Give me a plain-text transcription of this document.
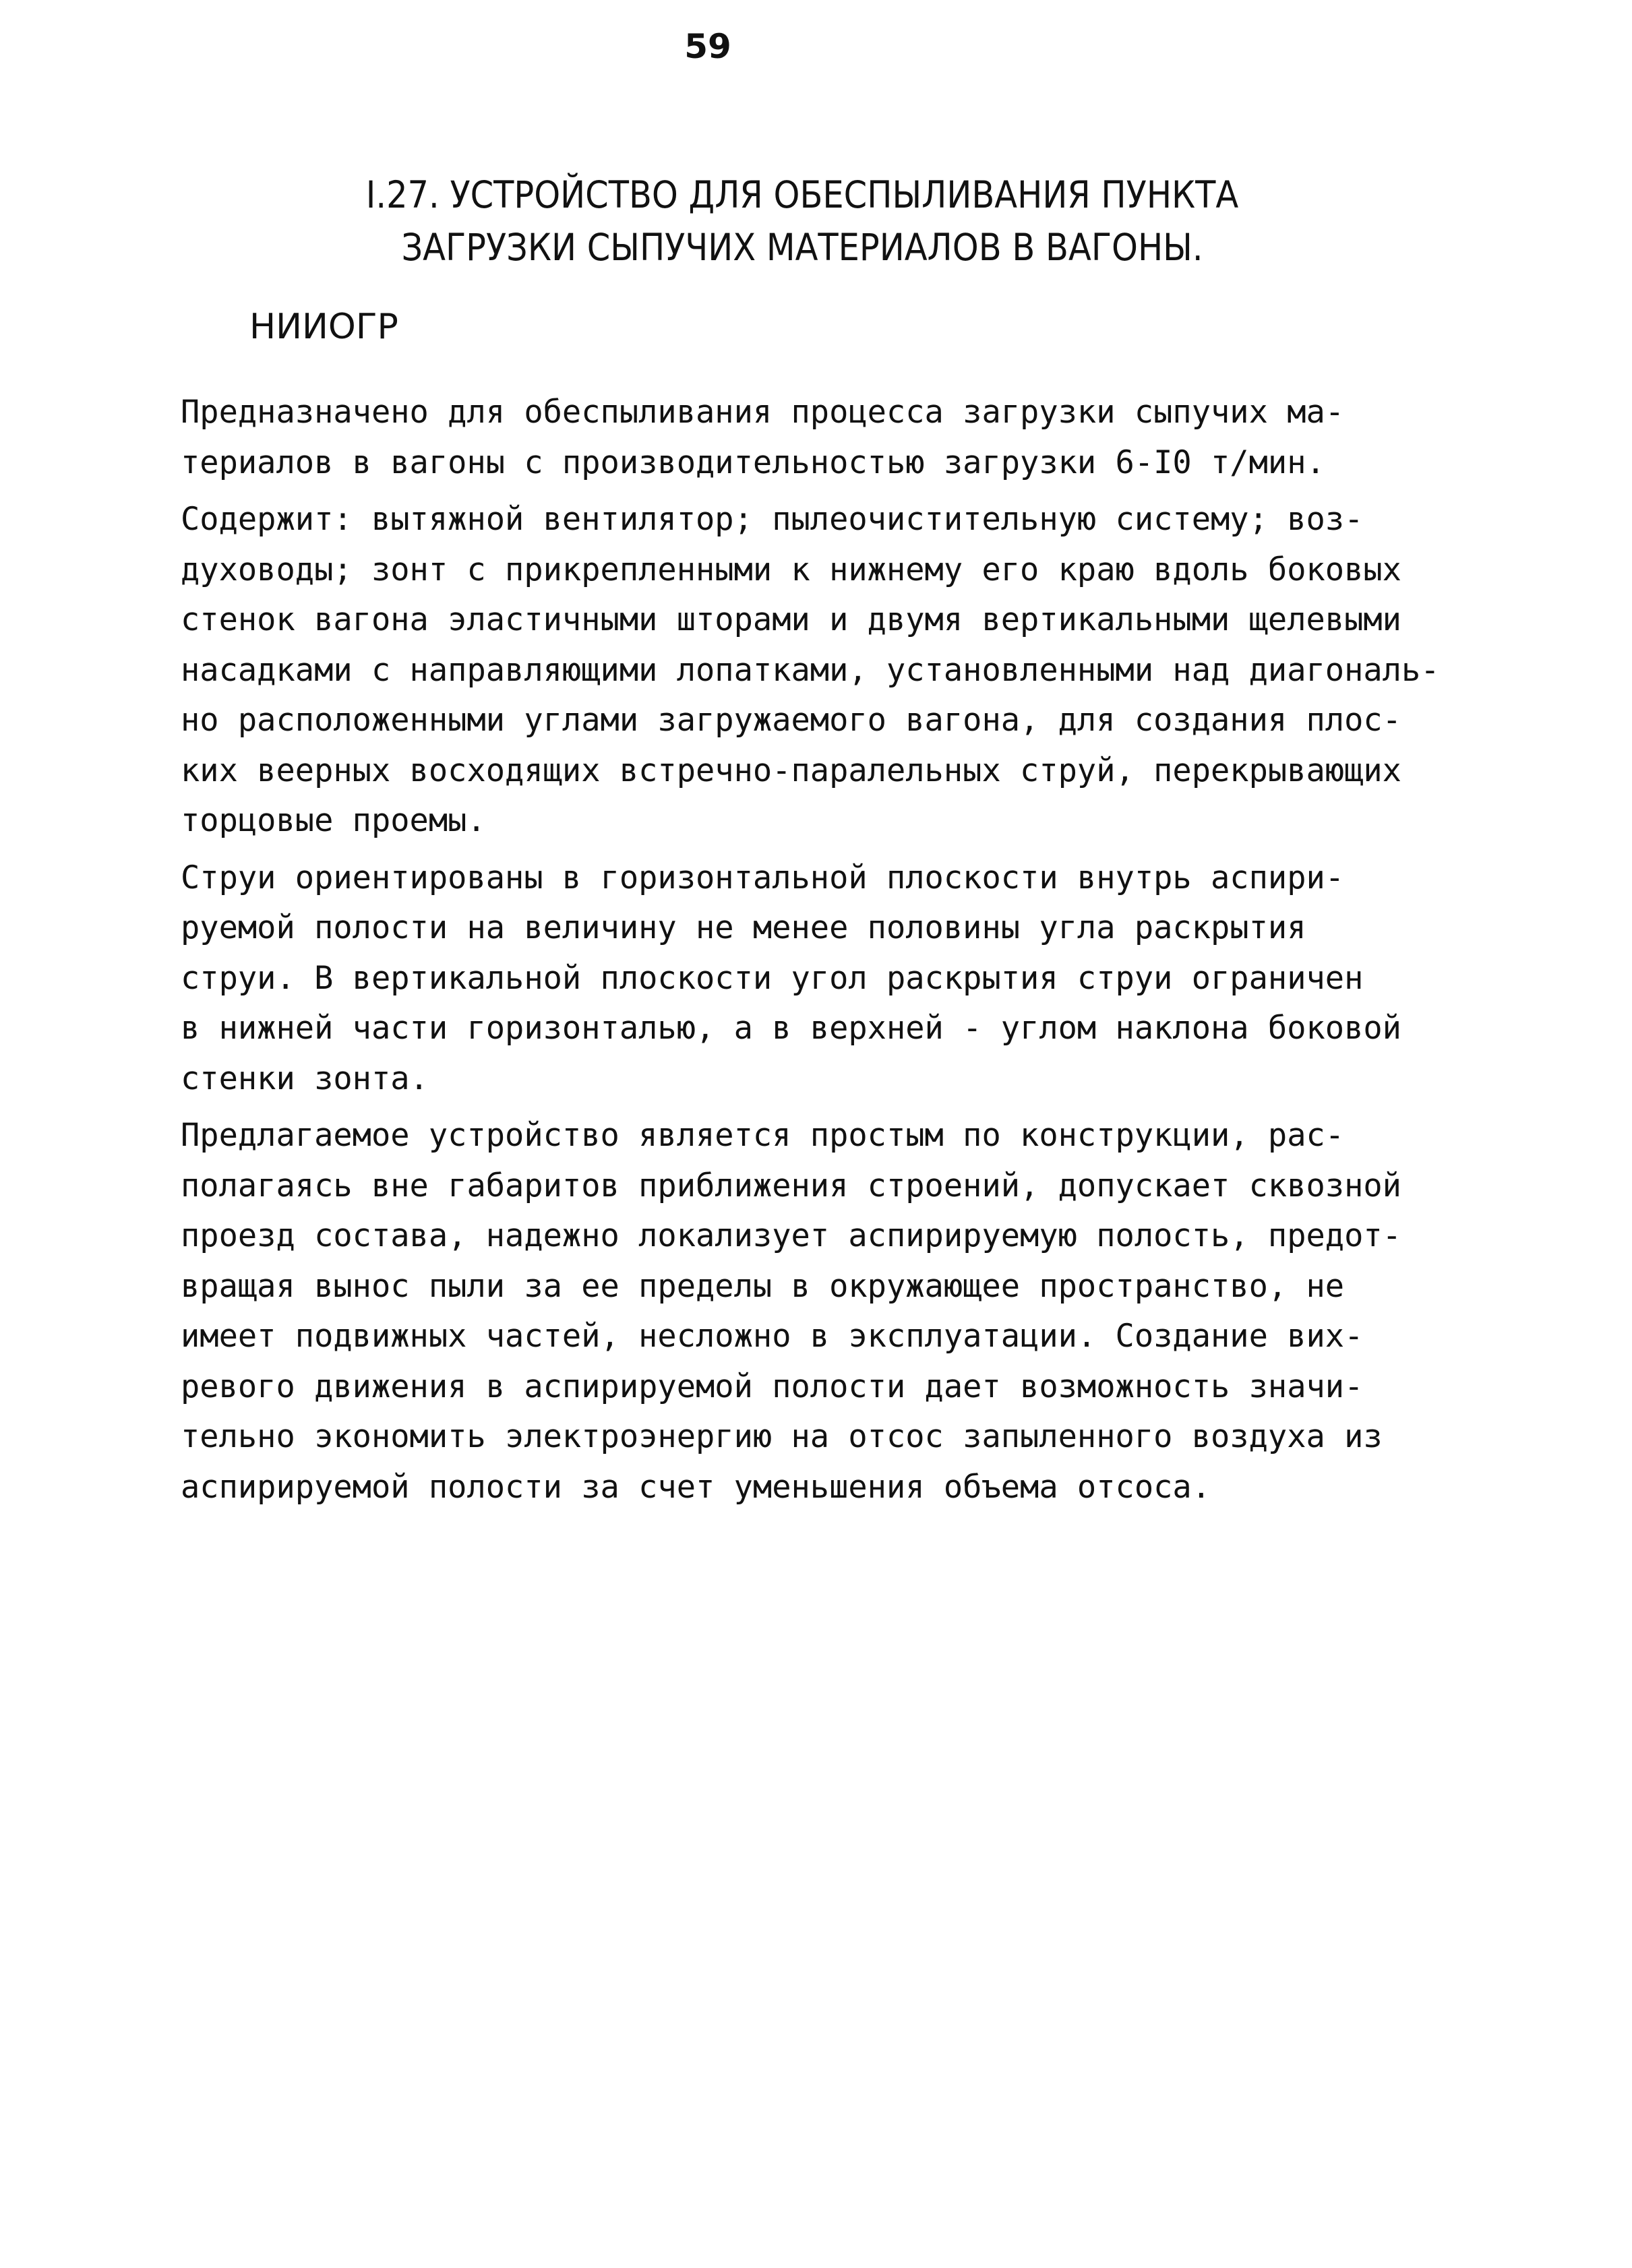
59
I.27. УСТРОЙСТВО ДЛЯ ОБЕСПЫЛИВАНИЯ ПУНКТА
ЗАГРУЗКИ СЫПУЧИХ МАТЕРИАЛОВ В ВАГОНЫ.
НИИОГР
Предназначено для обеспыливания процесса загрузки сыпучих ма-
териалов в вагоны с производительностью загрузки 6-I0 т/мин.
Содержит: вытяжной вентилятор; пылеочистительную систему; воз-
духоводы; зонт с прикрепленными к нижнему его краю вдоль боковых
стенок вагона эластичными шторами и двумя вертикальными щелевыми
насадками с направляющими лопатками, установленными над диагональ-
но расположенными углами загружаемого вагона, для создания плос-
ких веерных восходящих встречно-паралельных струй, перекрывающих
торцовые проемы.
Струи ориентированы в горизонтальной плоскости внутрь аспири-
руемой полости на величину не менее половины угла раскрытия
струи. В вертикальной плоскости угол раскрытия струи ограничен
в нижней части горизонталью, а в верхней - углом наклона боковой
стенки зонта.
Предлагаемое устройство является простым по конструкции, рас-
полагаясь вне габаритов приближения строений, допускает сквозной
проезд состава, надежно локализует аспирируемую полость, предот-
вращая вынос пыли за ее пределы в окружающее пространство, не
имеет подвижных частей, несложно в эксплуатации. Создание вих-
ревого движения в аспирируемой полости дает возможность значи-
тельно экономить электроэнергию на отсос запыленного воздуха из
аспирируемой полости за счет уменьшения объема отсоса.
